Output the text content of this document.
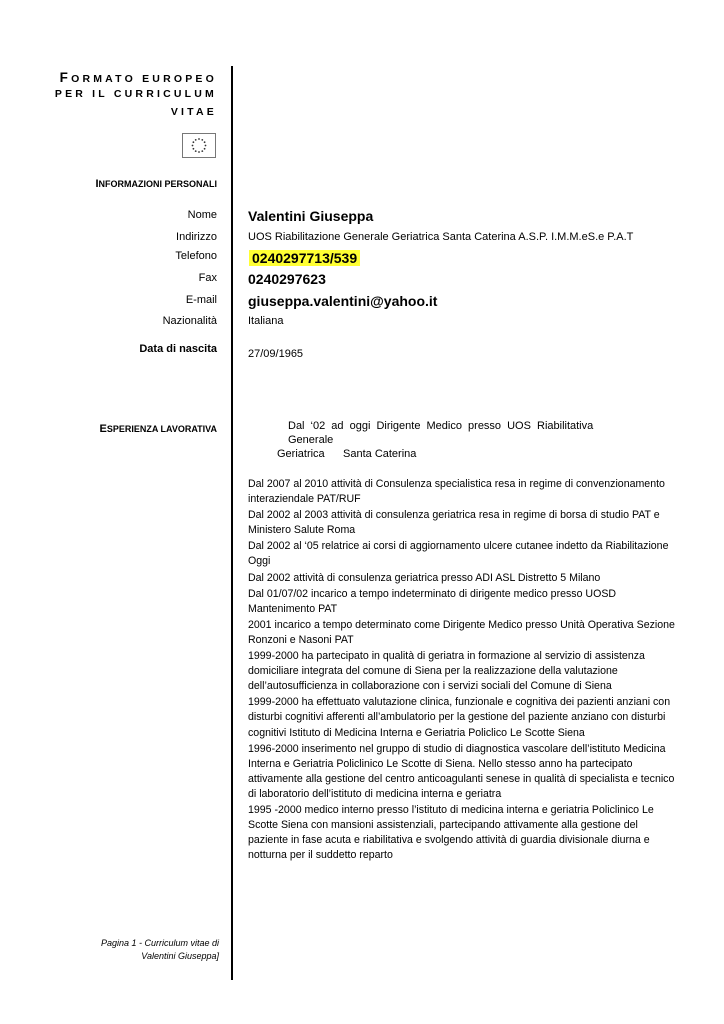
FORMATO EUROPEO
PER IL CURRICULUM
VITAE
INFORMAZIONI PERSONALI
Nome Valentini Giuseppa
Indirizzo	UOS Riabilitazione Generale Geriatrica Santa Caterina A.S.P. I.M.M.eS.e P.A.T
Telefono	0240297713/539
Fax 0240297623
E-mail giuseppa.valentini@yahoo.it
Nazionalità	Italiana
Data di nascita	27/09/1965
ESPERIENZA LAVORATIVA	Dal ‘02 ad oggi Dirigente Medico presso UOS Riabilitativa Generale
Geriatrica      Santa Caterina

Dal 2007 al 2010 attività di Consulenza specialistica resa in regime di convenzionamento interaziendale PAT/RUF

Dal 2002 al 2003 attività di consulenza geriatrica resa in regime di borsa di studio PAT e Ministero Salute Roma

Dal 2002 al ‘05 relatrice ai corsi di aggiornamento ulcere cutanee indetto da Riabilitazione Oggi

Dal 2002 attività di consulenza geriatrica presso ADI ASL Distretto 5 Milano

Dal 01/07/02 incarico a tempo indeterminato di dirigente medico presso UOSD Mantenimento PAT

2001 incarico a tempo determinato come Dirigente Medico presso Unità Operativa Sezione Ronzoni e Nasoni PAT

1999-2000 ha partecipato in qualità di geriatra in formazione al servizio di assistenza domiciliare integrata del comune di Siena per la realizzazione della valutazione dell’autosufficienza in collaborazione con i servizi sociali del Comune di Siena

1999-2000 ha effettuato valutazione clinica, funzionale e cognitiva dei pazienti anziani con disturbi cognitivi afferenti all’ambulatorio per la gestione del paziente anziano con disturbi cognitivi Istituto di Medicina Interna e Geriatria Policlico Le Scotte Siena

1996-2000 inserimento nel gruppo di studio di diagnostica vascolare dell’istituto Medicina Interna e Geriatria Policlinico Le Scotte di Siena. Nello stesso anno ha partecipato attivamente alla gestione del centro anticoagulanti senese in qualità di specialista e tecnico di laboratorio dell’istituto di medicina interna e geriatra

1995 -2000 medico interno presso l’istituto di medicina interna e geriatria Policlinico Le Scotte Siena con mansioni assistenziali, partecipando attivamente alla gestione del paziente in fase acuta e riabilitativa e svolgendo attività di guardia divisionale diurna e notturna per il suddetto reparto

Pagina 1 - Curriculum vitae di
Valentini Giuseppa]
